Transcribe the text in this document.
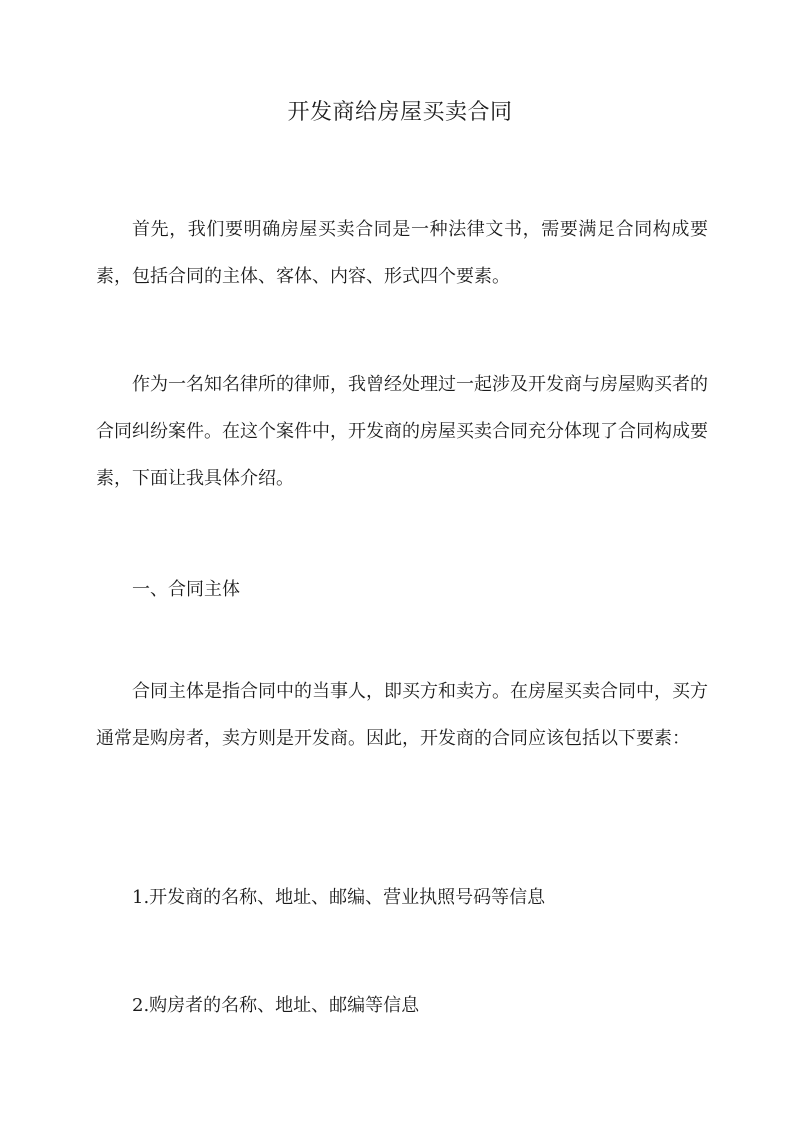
开发商给房屋买卖合同

首先，我们要明确房屋买卖合同是一种法律文书，需要满足合同构成要素，包括合同的主体、客体、内容、形式四个要素。

作为一名知名律所的律师，我曾经处理过一起涉及开发商与房屋购买者的合同纠纷案件。在这个案件中，开发商的房屋买卖合同充分体现了合同构成要素，下面让我具体介绍。

一、合同主体

合同主体是指合同中的当事人，即买方和卖方。在房屋买卖合同中，买方通常是购房者，卖方则是开发商。因此，开发商的合同应该包括以下要素：

1.开发商的名称、地址、邮编、营业执照号码等信息

2.购房者的名称、地址、邮编等信息
